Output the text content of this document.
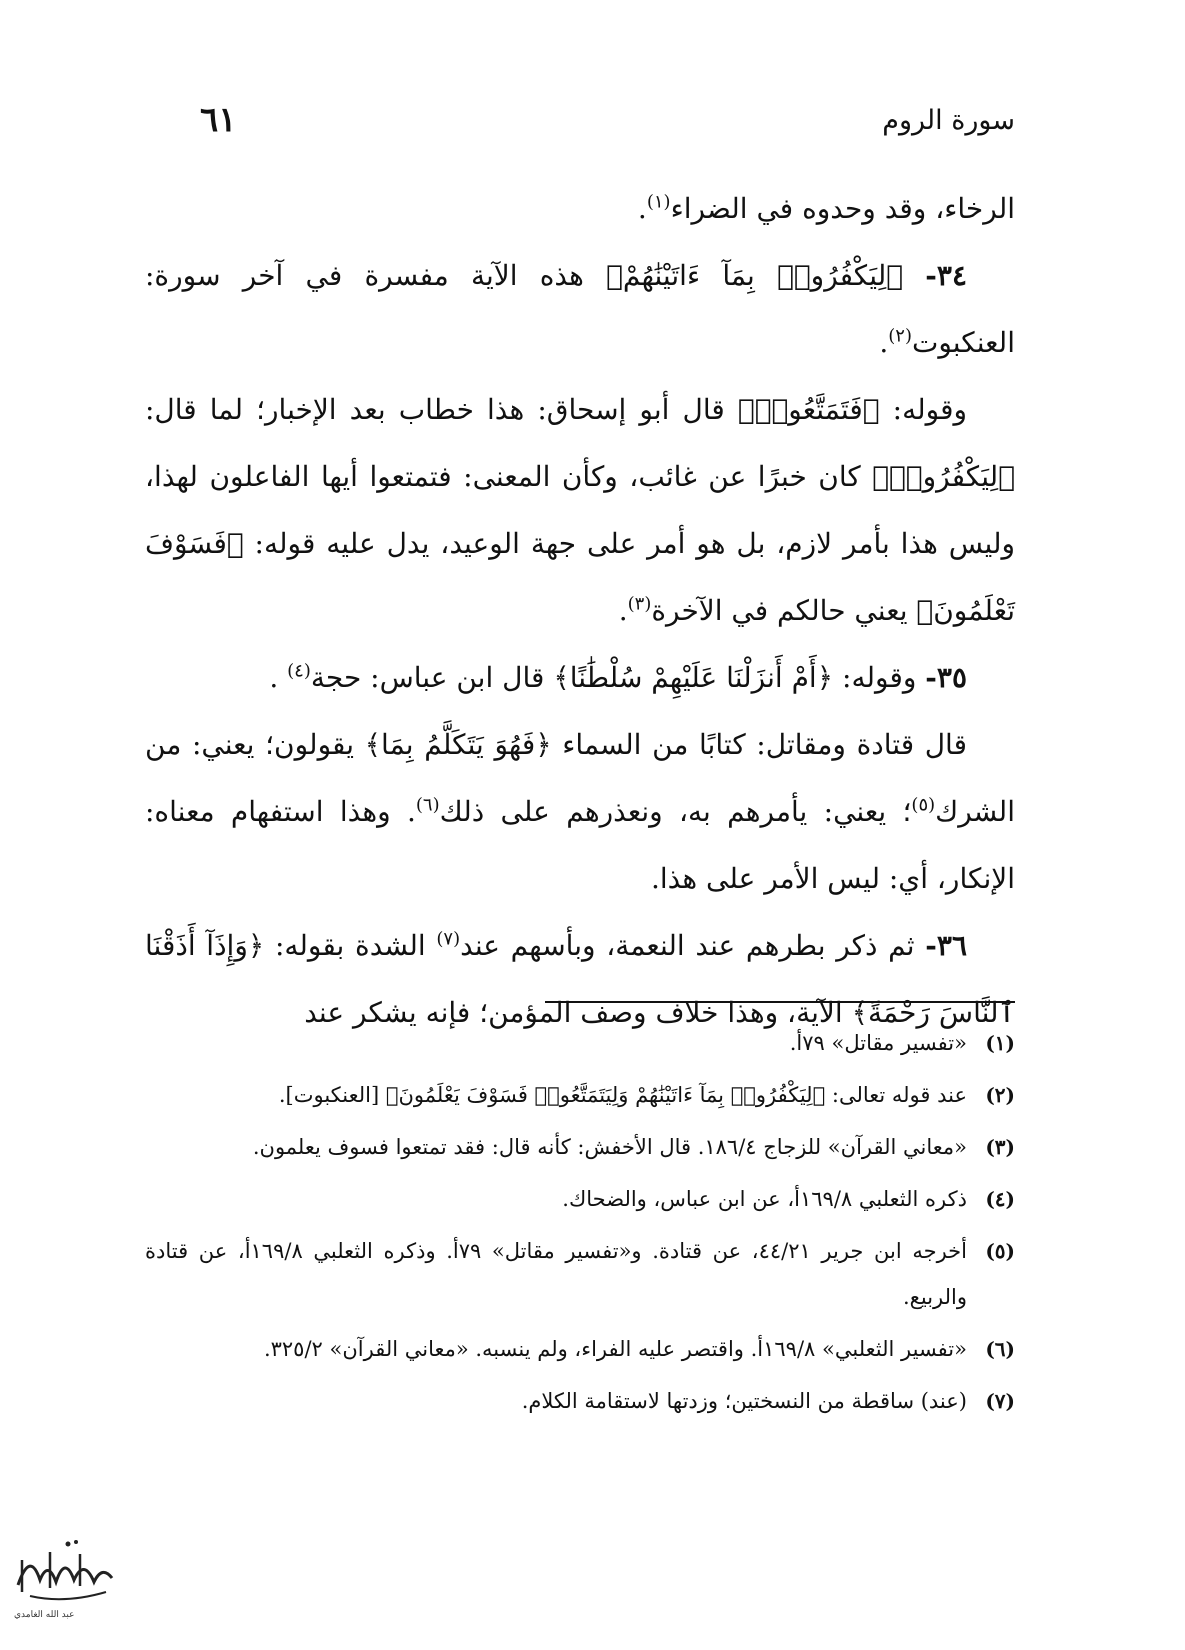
سورة الروم
٦١

الرخاء، وقد وحدوه في الضراء$^{(١)}$.

٣٤- ﴿لِيَكْفُرُوا۟ بِمَآ ءَاتَيْنَٰهُمْ﴾ هذه الآية مفسرة في آخر سورة: العنكبوت$^{(٢)}$.

وقوله: ﴿فَتَمَتَّعُوا۟﴾ قال أبو إسحاق: هذا خطاب بعد الإخبار؛ لما قال: ﴿لِيَكْفُرُوا۟﴾ كان خبرًا عن غائب، وكأن المعنى: فتمتعوا أيها الفاعلون لهذا، وليس هذا بأمر لازم، بل هو أمر على جهة الوعيد، يدل عليه قوله: ﴿فَسَوْفَ تَعْلَمُونَ﴾ يعني حالكم في الآخرة$^{(٣)}$.

٣٥- وقوله: ﴿أَمْ أَنزَلْنَا عَلَيْهِمْ سُلْطَٰنًا﴾ قال ابن عباس: حجة$^{(٤)}$ .

قال قتادة ومقاتل: كتابًا من السماء ﴿فَهُوَ يَتَكَلَّمُ بِمَا﴾ يقولون؛ يعني: من الشرك$^{(٥)}$؛ يعني: يأمرهم به، ونعذرهم على ذلك$^{(٦)}$. وهذا استفهام معناه: الإنكار، أي: ليس الأمر على هذا.

٣٦- ثم ذكر بطرهم عند النعمة، وبأسهم عند$^{(٧)}$ الشدة بقوله: ﴿وَإِذَآ أَذَقْنَا ٱلنَّاسَ رَحْمَةً﴾ الآية، وهذا خلاف وصف المؤمن؛ فإنه يشكر عند

(١)
«تفسير مقاتل» ٧٩أ.
(٢)
عند قوله تعالى: ﴿لِيَكْفُرُوا۟ بِمَآ ءَاتَيْنَٰهُمْ وَلِيَتَمَتَّعُوا۟ فَسَوْفَ يَعْلَمُونَ﴾ [العنكبوت].
(٣)
«معاني القرآن» للزجاج ١٨٦/٤. قال الأخفش: كأنه قال: فقد تمتعوا فسوف يعلمون.
(٤)
ذكره الثعلبي ١٦٩/٨أ، عن ابن عباس، والضحاك.
(٥)
أخرجه ابن جرير ٤٤/٢١، عن قتادة. و«تفسير مقاتل» ٧٩أ. وذكره الثعلبي ١٦٩/٨أ، عن قتادة والربيع.
(٦)
«تفسير الثعلبي» ١٦٩/٨أ. واقتصر عليه الفراء، ولم ينسبه. «معاني القرآن» ٣٢٥/٢.
(٧)
(عند) ساقطة من النسختين؛ وزدتها لاستقامة الكلام.
عبد الله الغامدي
